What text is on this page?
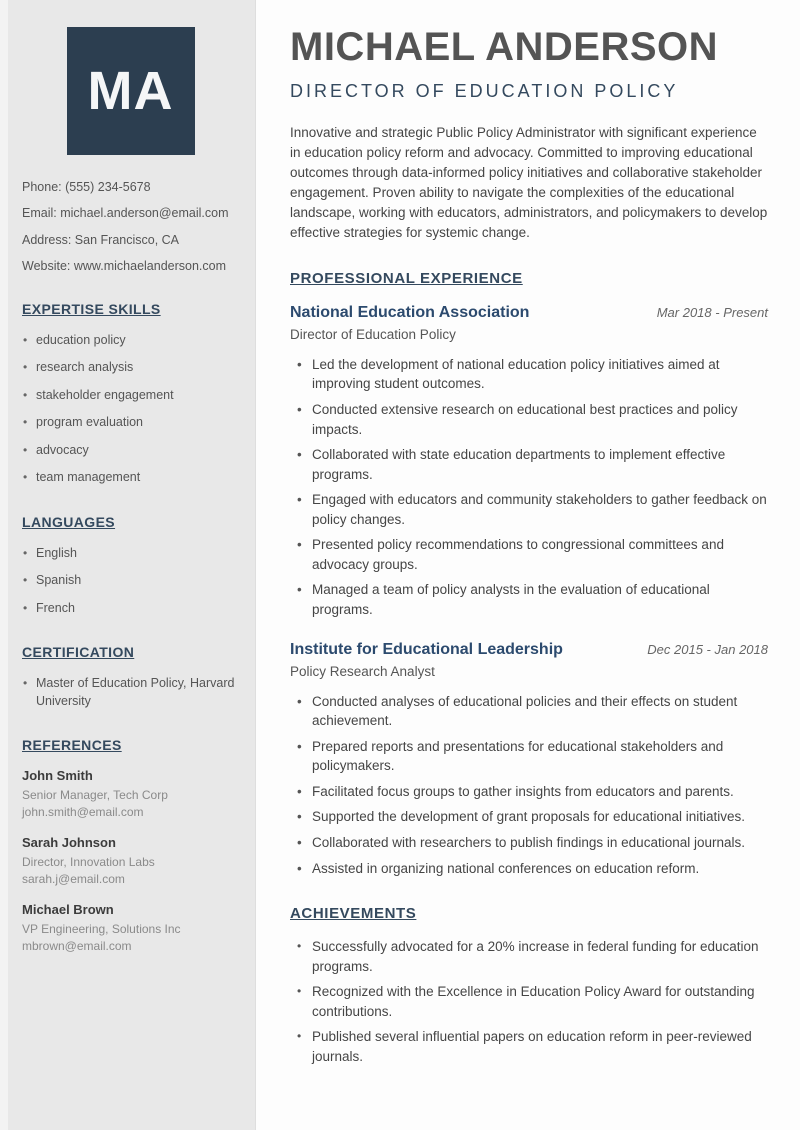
MA
Phone: (555) 234-5678
Email: michael.anderson@email.com
Address: San Francisco, CA
Website: www.michaelanderson.com
EXPERTISE SKILLS
• education policy
• research analysis
• stakeholder engagement
• program evaluation
• advocacy
• team management
LANGUAGES
• English
• Spanish
• French
CERTIFICATION
• Master of Education Policy, Harvard University
REFERENCES
John Smith
Senior Manager, Tech Corp
john.smith@email.com
Sarah Johnson
Director, Innovation Labs
sarah.j@email.com
Michael Brown
VP Engineering, Solutions Inc
mbrown@email.com
MICHAEL ANDERSON
DIRECTOR OF EDUCATION POLICY

Innovative and strategic Public Policy Administrator with significant experience in education policy reform and advocacy. Committed to improving educational outcomes through data-informed policy initiatives and collaborative stakeholder engagement. Proven ability to navigate the complexities of the educational landscape, working with educators, administrators, and policymakers to develop effective strategies for systemic change.

PROFESSIONAL EXPERIENCE
National Education Association	Mar 2018 - Present
Director of Education Policy
• Led the development of national education policy initiatives aimed at improving student outcomes.
• Conducted extensive research on educational best practices and policy impacts.
• Collaborated with state education departments to implement effective programs.
• Engaged with educators and community stakeholders to gather feedback on policy changes.
• Presented policy recommendations to congressional committees and advocacy groups.
• Managed a team of policy analysts in the evaluation of educational programs.
Institute for Educational Leadership	Dec 2015 - Jan 2018
Policy Research Analyst
• Conducted analyses of educational policies and their effects on student achievement.
• Prepared reports and presentations for educational stakeholders and policymakers.
• Facilitated focus groups to gather insights from educators and parents.
• Supported the development of grant proposals for educational initiatives.
• Collaborated with researchers to publish findings in educational journals.
• Assisted in organizing national conferences on education reform.
ACHIEVEMENTS
• Successfully advocated for a 20% increase in federal funding for education programs.
• Recognized with the Excellence in Education Policy Award for outstanding contributions.
• Published several influential papers on education reform in peer-reviewed journals.
